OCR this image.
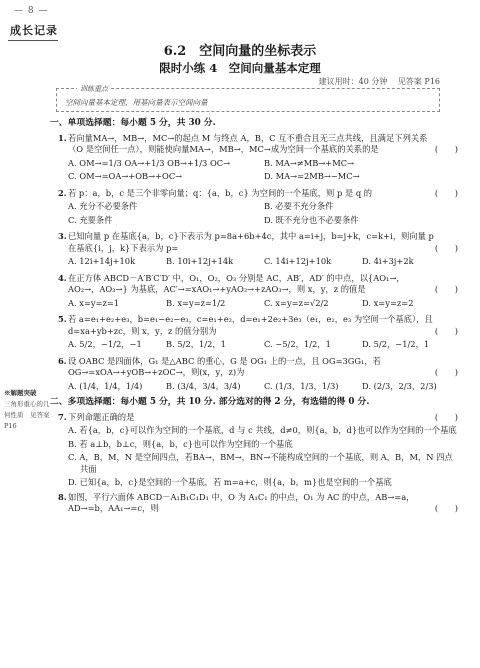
— 8 —
成长记录
6.2　空间向量的坐标表示
限时小练 4　空间向量基本定理
建议用时：40 分钟 见答案 P16
训练重点
空间向量基本定理，用基向量表示空间向量
※解题突破
三角形重心的几何性质　见答案 P16
一、单项选择题：每小题 5 分，共 30 分.
1. 若向量MA→，MB→，MC→的起点 M 与终点 A，B，C 互不重合且无三点共线，且满足下列关系（O 是空间任一点），则能使向量MA→，MB→，MC→成为空间一个基底的关系的是	(　　)
A. OM→=1/3 OA→+1/3 OB→+1/3 OC→	B. MA→≠MB→+MC→
C. OM→=OA→+OB→+OC→	D. MA→=2MB→−MC→
2. 若 p：a，b，c 是三个非零向量；q：{a，b，c} 为空间的一个基底，则 p 是 q 的	(　　)
A. 充分不必要条件	B. 必要不充分条件
C. 充要条件	D. 既不充分也不必要条件
3. 已知向量 p 在基底{a，b，c}下表示为 p=8a+6b+4c，其中 a=i+j，b=j+k，c=k+i，则向量 p 在基底{i，j，k}下表示为 p=	(　　)
A. 12i+14j+10k	B. 10i+12j+14k	C. 14i+12j+10k	D. 4i+3j+2k
4. 在正方体 ABCD－A′B′C′D′ 中，O₁，O₂，O₃ 分别是 AC，AB′，AD′ 的中点，以{AO₁→，AO₂→，AO₃→} 为基底，AC′→=xAO₁→+yAO₂→+zAO₃→，则 x，y，z 的值是	(　　)
A. x=y=z=1	B. x=y=z=1/2	C. x=y=z=√2/2	D. x=y=z=2
5. 若 a=e₁+e₂+e₃，b=e₁−e₂−e₃，c=e₁+e₂，d=e₁+2e₂+3e₃（e₁，e₂，e₃ 为空间一个基底），且 d=xa+yb+zc，则 x，y，z 的值分别为	(　　)
A. 5/2，−1/2，−1	B. 5/2，1/2，1	C. −5/2，1/2，1	D. 5/2，−1/2，1
6. 设 OABC 是四面体，G₁ 是△ABC 的重心，G 是 OG₁ 上的一点，且 OG=3GG₁，若OG→=xOA→+yOB→+zOC→，则(x，y，z)为	(　　)
A. (1/4，1/4，1/4)	B. (3/4，3/4，3/4)	C. (1/3，1/3，1/3)	D. (2/3，2/3，2/3)
二、多项选择题：每小题 5 分，共 10 分. 部分选对的得 2 分，有选错的得 0 分.
7. 下列命题正确的是	(　　)
A. 若{a，b，c}可以作为空间的一个基底，d 与 c 共线，d≠0，则{a，b，d}也可以作为空间的一个基底
B. 若 a⊥b，b⊥c，则{a，b，c}也可以作为空间的一个基底
C. A，B，M，N 是空间四点，若BA→，BM→，BN→不能构成空间的一个基底，则 A，B，M，N 四点共面
D. 已知{a，b，c}是空间的一个基底，若 m=a+c，则{a，b，m}也是空间的一个基底
8. 如图，平行六面体 ABCD－A₁B₁C₁D₁ 中，O 为 A₁C₁ 的中点，O₁ 为 AC 的中点，AB→=a，AD→=b，AA₁→=c，则	(　　)
